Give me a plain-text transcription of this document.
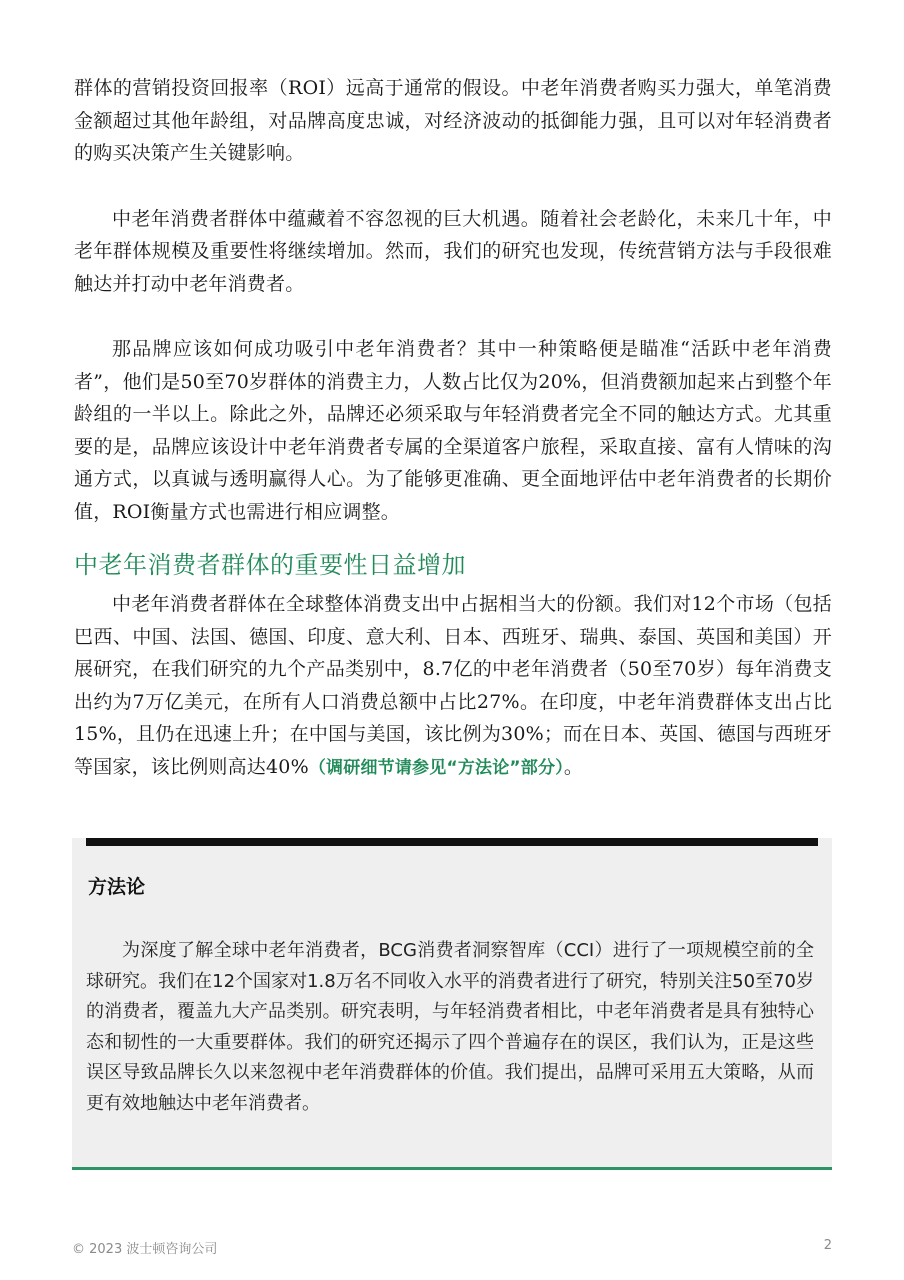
群体的营销投资回报率（ROI）远高于通常的假设。中老年消费者购买力强大，单笔消费金额超过其他年龄组，对品牌高度忠诚，对经济波动的抵御能力强，且可以对年轻消费者的购买决策产生关键影响。

中老年消费者群体中蕴藏着不容忽视的巨大机遇。随着社会老龄化，未来几十年，中老年群体规模及重要性将继续增加。然而，我们的研究也发现，传统营销方法与手段很难触达并打动中老年消费者。

那品牌应该如何成功吸引中老年消费者？其中一种策略便是瞄准“活跃中老年消费者”，他们是50至70岁群体的消费主力，人数占比仅为20%，但消费额加起来占到整个年龄组的一半以上。除此之外，品牌还必须采取与年轻消费者完全不同的触达方式。尤其重要的是，品牌应该设计中老年消费者专属的全渠道客户旅程，采取直接、富有人情味的沟通方式，以真诚与透明赢得人心。为了能够更准确、更全面地评估中老年消费者的长期价值，ROI衡量方式也需进行相应调整。

中老年消费者群体的重要性日益增加

中老年消费者群体在全球整体消费支出中占据相当大的份额。我们对12个市场（包括巴西、中国、法国、德国、印度、意大利、日本、西班牙、瑞典、泰国、英国和美国）开展研究，在我们研究的九个产品类别中，8.7亿的中老年消费者（50至70岁）每年消费支出约为7万亿美元，在所有人口消费总额中占比27%。在印度，中老年消费群体支出占比15%，且仍在迅速上升；在中国与美国，该比例为30%；而在日本、英国、德国与西班牙等国家，该比例则高达40%（调研细节请参见“方法论”部分）。

方法论

为深度了解全球中老年消费者，BCG消费者洞察智库（CCI）进行了一项规模空前的全球研究。我们在12个国家对1.8万名不同收入水平的消费者进行了研究，特别关注50至70岁的消费者，覆盖九大产品类别。研究表明，与年轻消费者相比，中老年消费者是具有独特心态和韧性的一大重要群体。我们的研究还揭示了四个普遍存在的误区，我们认为，正是这些误区导致品牌长久以来忽视中老年消费群体的价值。我们提出，品牌可采用五大策略，从而更有效地触达中老年消费者。

© 2023 波士顿咨询公司	2
